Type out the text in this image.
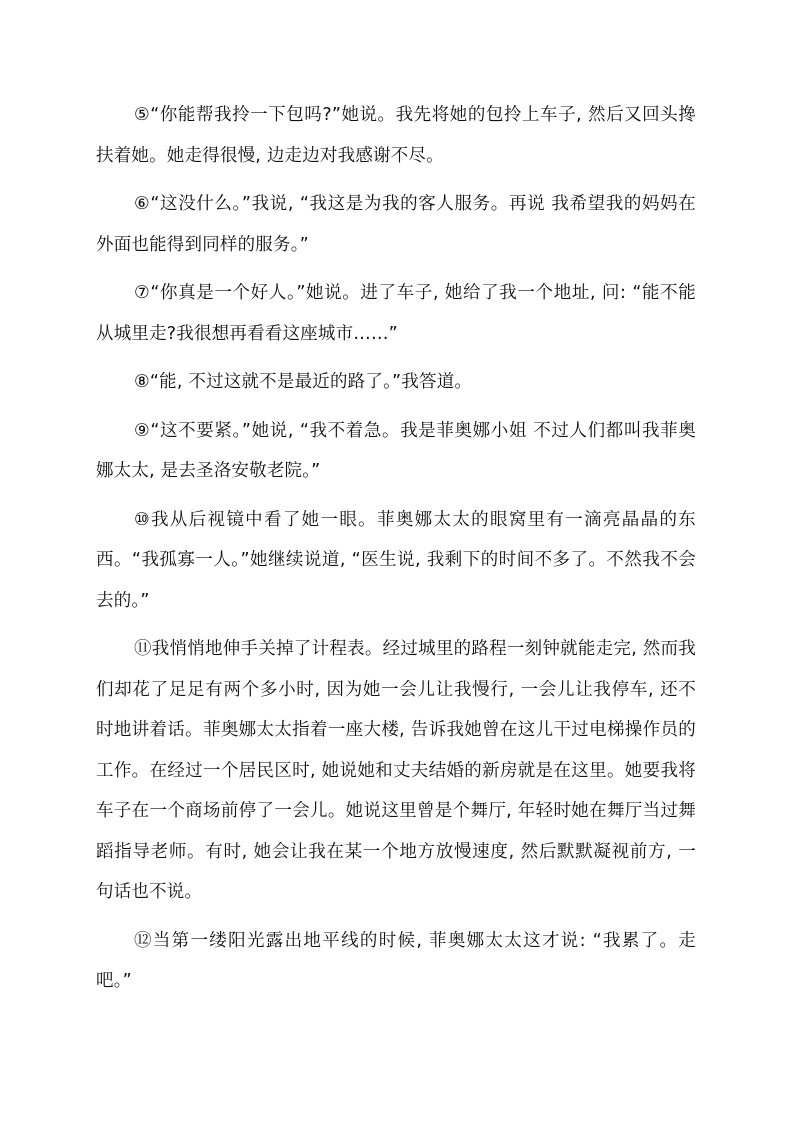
⑤“你能帮我拎一下包吗?”她说。我先将她的包拎上车子, 然后又回头搀扶着她。她走得很慢, 边走边对我感谢不尽。

⑥“这没什么。”我说, “我这是为我的客人服务。再说 我希望我的妈妈在外面也能得到同样的服务。”

⑦“你真是一个好人。”她说。进了车子, 她给了我一个地址, 问: “能不能从城里走?我很想再看看这座城市……”

⑧“能, 不过这就不是最近的路了。”我答道。

⑨“这不要紧。”她说, “我不着急。我是菲奥娜小姐 不过人们都叫我菲奥娜太太, 是去圣洛安敬老院。”

⑩我从后视镜中看了她一眼。菲奥娜太太的眼窝里有一滴亮晶晶的东西。“我孤寡一人。”她继续说道, “医生说, 我剩下的时间不多了。不然我不会去的。”

⑪我悄悄地伸手关掉了计程表。经过城里的路程一刻钟就能走完, 然而我们却花了足足有两个多小时, 因为她一会儿让我慢行, 一会儿让我停车, 还不时地讲着话。菲奥娜太太指着一座大楼, 告诉我她曾在这儿干过电梯操作员的工作。在经过一个居民区时, 她说她和丈夫结婚的新房就是在这里。她要我将车子在一个商场前停了一会儿。她说这里曾是个舞厅, 年轻时她在舞厅当过舞蹈指导老师。有时, 她会让我在某一个地方放慢速度, 然后默默凝视前方, 一句话也不说。

⑫当第一缕阳光露出地平线的时候, 菲奥娜太太这才说: “我累了。走吧。”
